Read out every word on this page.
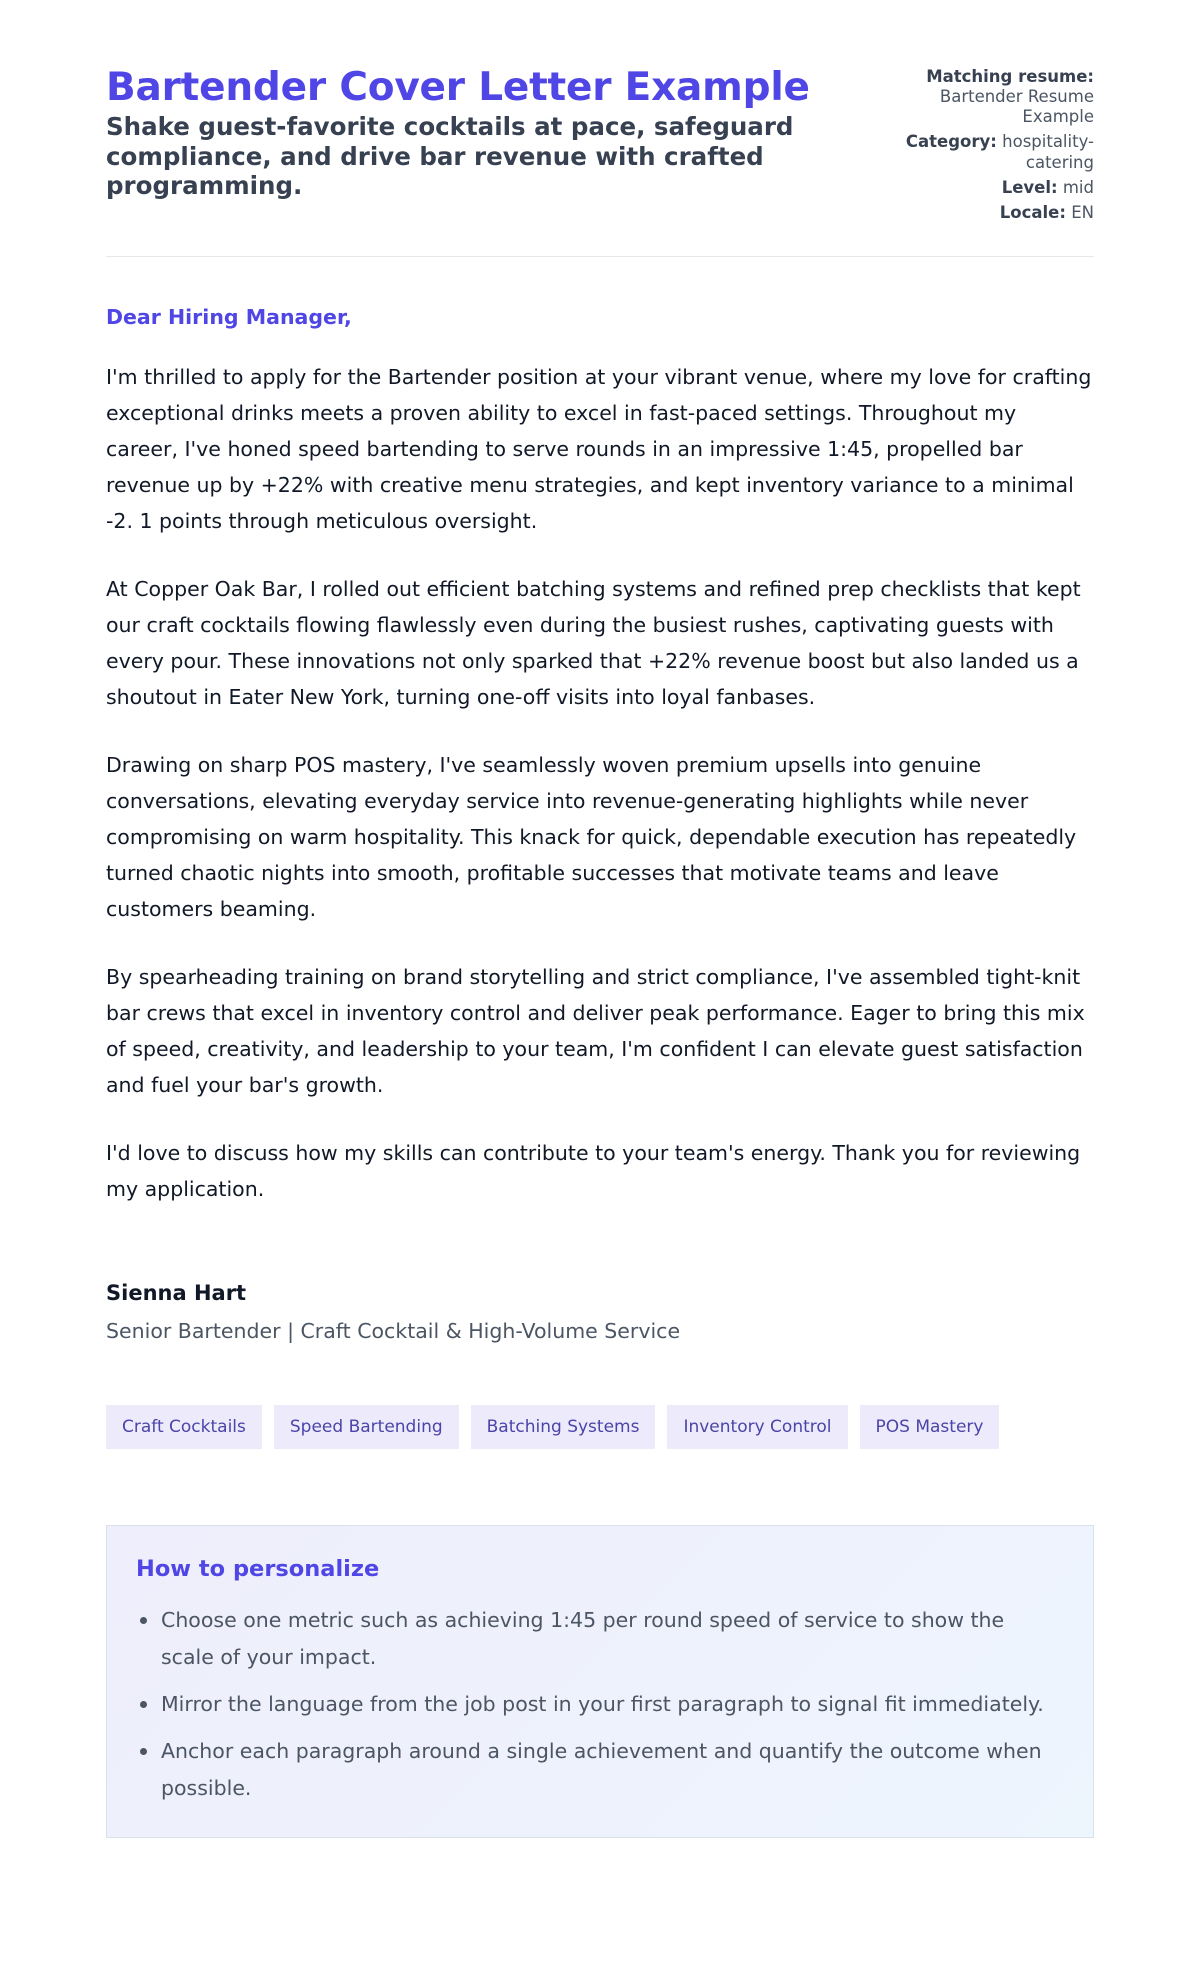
Bartender Cover Letter Example
Shake guest-favorite cocktails at pace, safeguard compliance, and drive bar revenue with crafted programming.
Matching resume:
Bartender Resume Example
Category: hospitality-catering
Level: mid
Locale: EN

Dear Hiring Manager,

I'm thrilled to apply for the Bartender position at your vibrant venue, where my love for crafting exceptional drinks meets a proven ability to excel in fast-paced settings. Throughout my career, I've honed speed bartending to serve rounds in an impressive 1:45, propelled bar revenue up by +22% with creative menu strategies, and kept inventory variance to a minimal -2. 1 points through meticulous oversight.

At Copper Oak Bar, I rolled out efficient batching systems and refined prep checklists that kept our craft cocktails flowing flawlessly even during the busiest rushes, captivating guests with every pour. These innovations not only sparked that +22% revenue boost but also landed us a shoutout in Eater New York, turning one-off visits into loyal fanbases.

Drawing on sharp POS mastery, I've seamlessly woven premium upsells into genuine conversations, elevating everyday service into revenue-generating highlights while never compromising on warm hospitality. This knack for quick, dependable execution has repeatedly turned chaotic nights into smooth, profitable successes that motivate teams and leave customers beaming.

By spearheading training on brand storytelling and strict compliance, I've assembled tight-knit bar crews that excel in inventory control and deliver peak performance. Eager to bring this mix of speed, creativity, and leadership to your team, I'm confident I can elevate guest satisfaction and fuel your bar's growth.

I'd love to discuss how my skills can contribute to your team's energy. Thank you for reviewing my application.

Sienna Hart
Senior Bartender | Craft Cocktail & High-Volume Service
Craft Cocktails	Speed Bartending	Batching Systems	Inventory Control	POS Mastery
How to personalize
Choose one metric such as achieving 1:45 per round speed of service to show the scale of your impact.
Mirror the language from the job post in your first paragraph to signal fit immediately.
Anchor each paragraph around a single achievement and quantify the outcome when possible.
